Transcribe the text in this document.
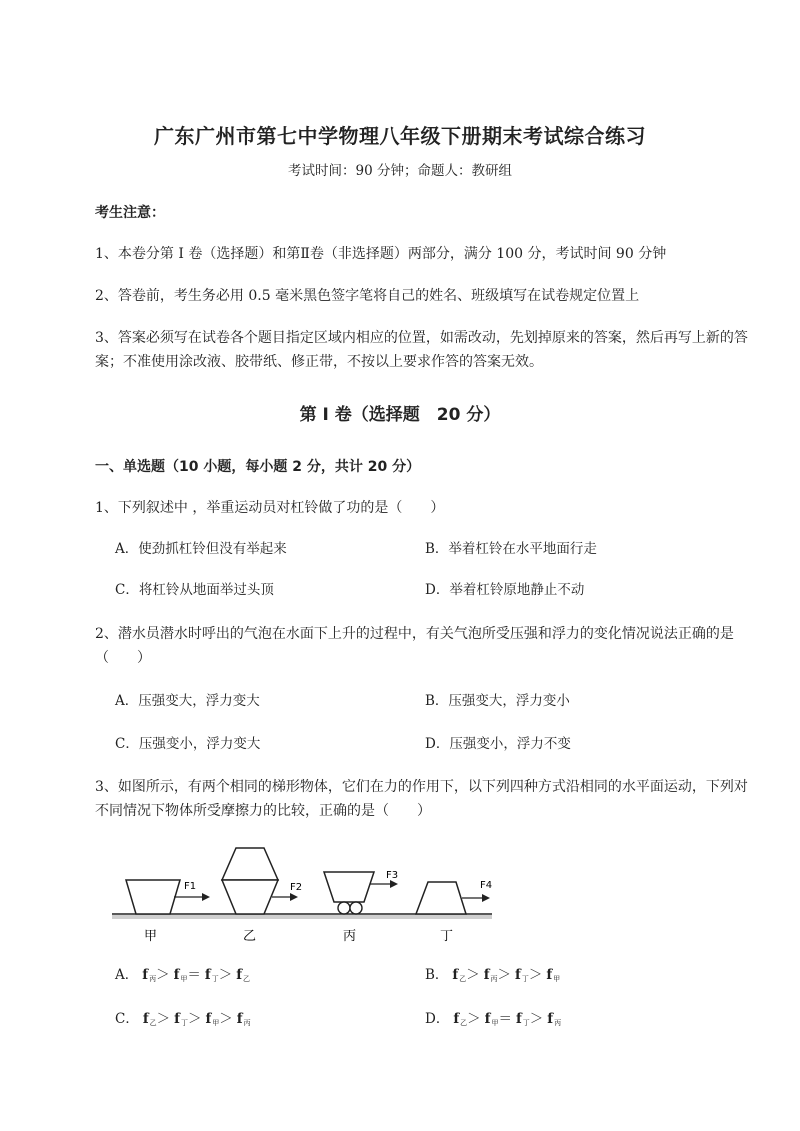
广东广州市第七中学物理八年级下册期末考试综合练习
考试时间：90 分钟；命题人：教研组
考生注意：
1、本卷分第 I 卷（选择题）和第Ⅱ卷（非选择题）两部分，满分 100 分，考试时间 90 分钟
2、答卷前，考生务必用 0.5 毫米黑色签字笔将自己的姓名、班级填写在试卷规定位置上
3、答案必须写在试卷各个题目指定区域内相应的位置，如需改动，先划掉原来的答案，然后再写上新的答案；不准使用涂改液、胶带纸、修正带，不按以上要求作答的答案无效。
第 I 卷（选择题　20 分）
一、单选题（10 小题，每小题 2 分，共计 20 分）
1、下列叙述中 ，举重运动员对杠铃做了功的是（　　）
A．使劲抓杠铃但没有举起来	B．举着杠铃在水平地面行走
C．将杠铃从地面举过头顶	D．举着杠铃原地静止不动
2、潜水员潜水时呼出的气泡在水面下上升的过程中，有关气泡所受压强和浮力的变化情况说法正确的是（　　）
A．压强变大，浮力变大	B．压强变大，浮力变小
C．压强变小，浮力变大	D．压强变小，浮力不变
3、如图所示，有两个相同的梯形物体，它们在力的作用下，以下列四种方式沿相同的水平面运动，下列对不同情况下物体所受摩擦力的比较，正确的是（　　）
F1	F2
F3
F4
甲	乙	丙	丁
A． $f_丙> f_甲= f_丁> f_乙$	B． $f_乙> f_丙> f_丁> f_甲$
C． $f_乙> f_丁> f_甲> f_丙$	D． $f_乙> f_甲= f_丁> f_丙$
